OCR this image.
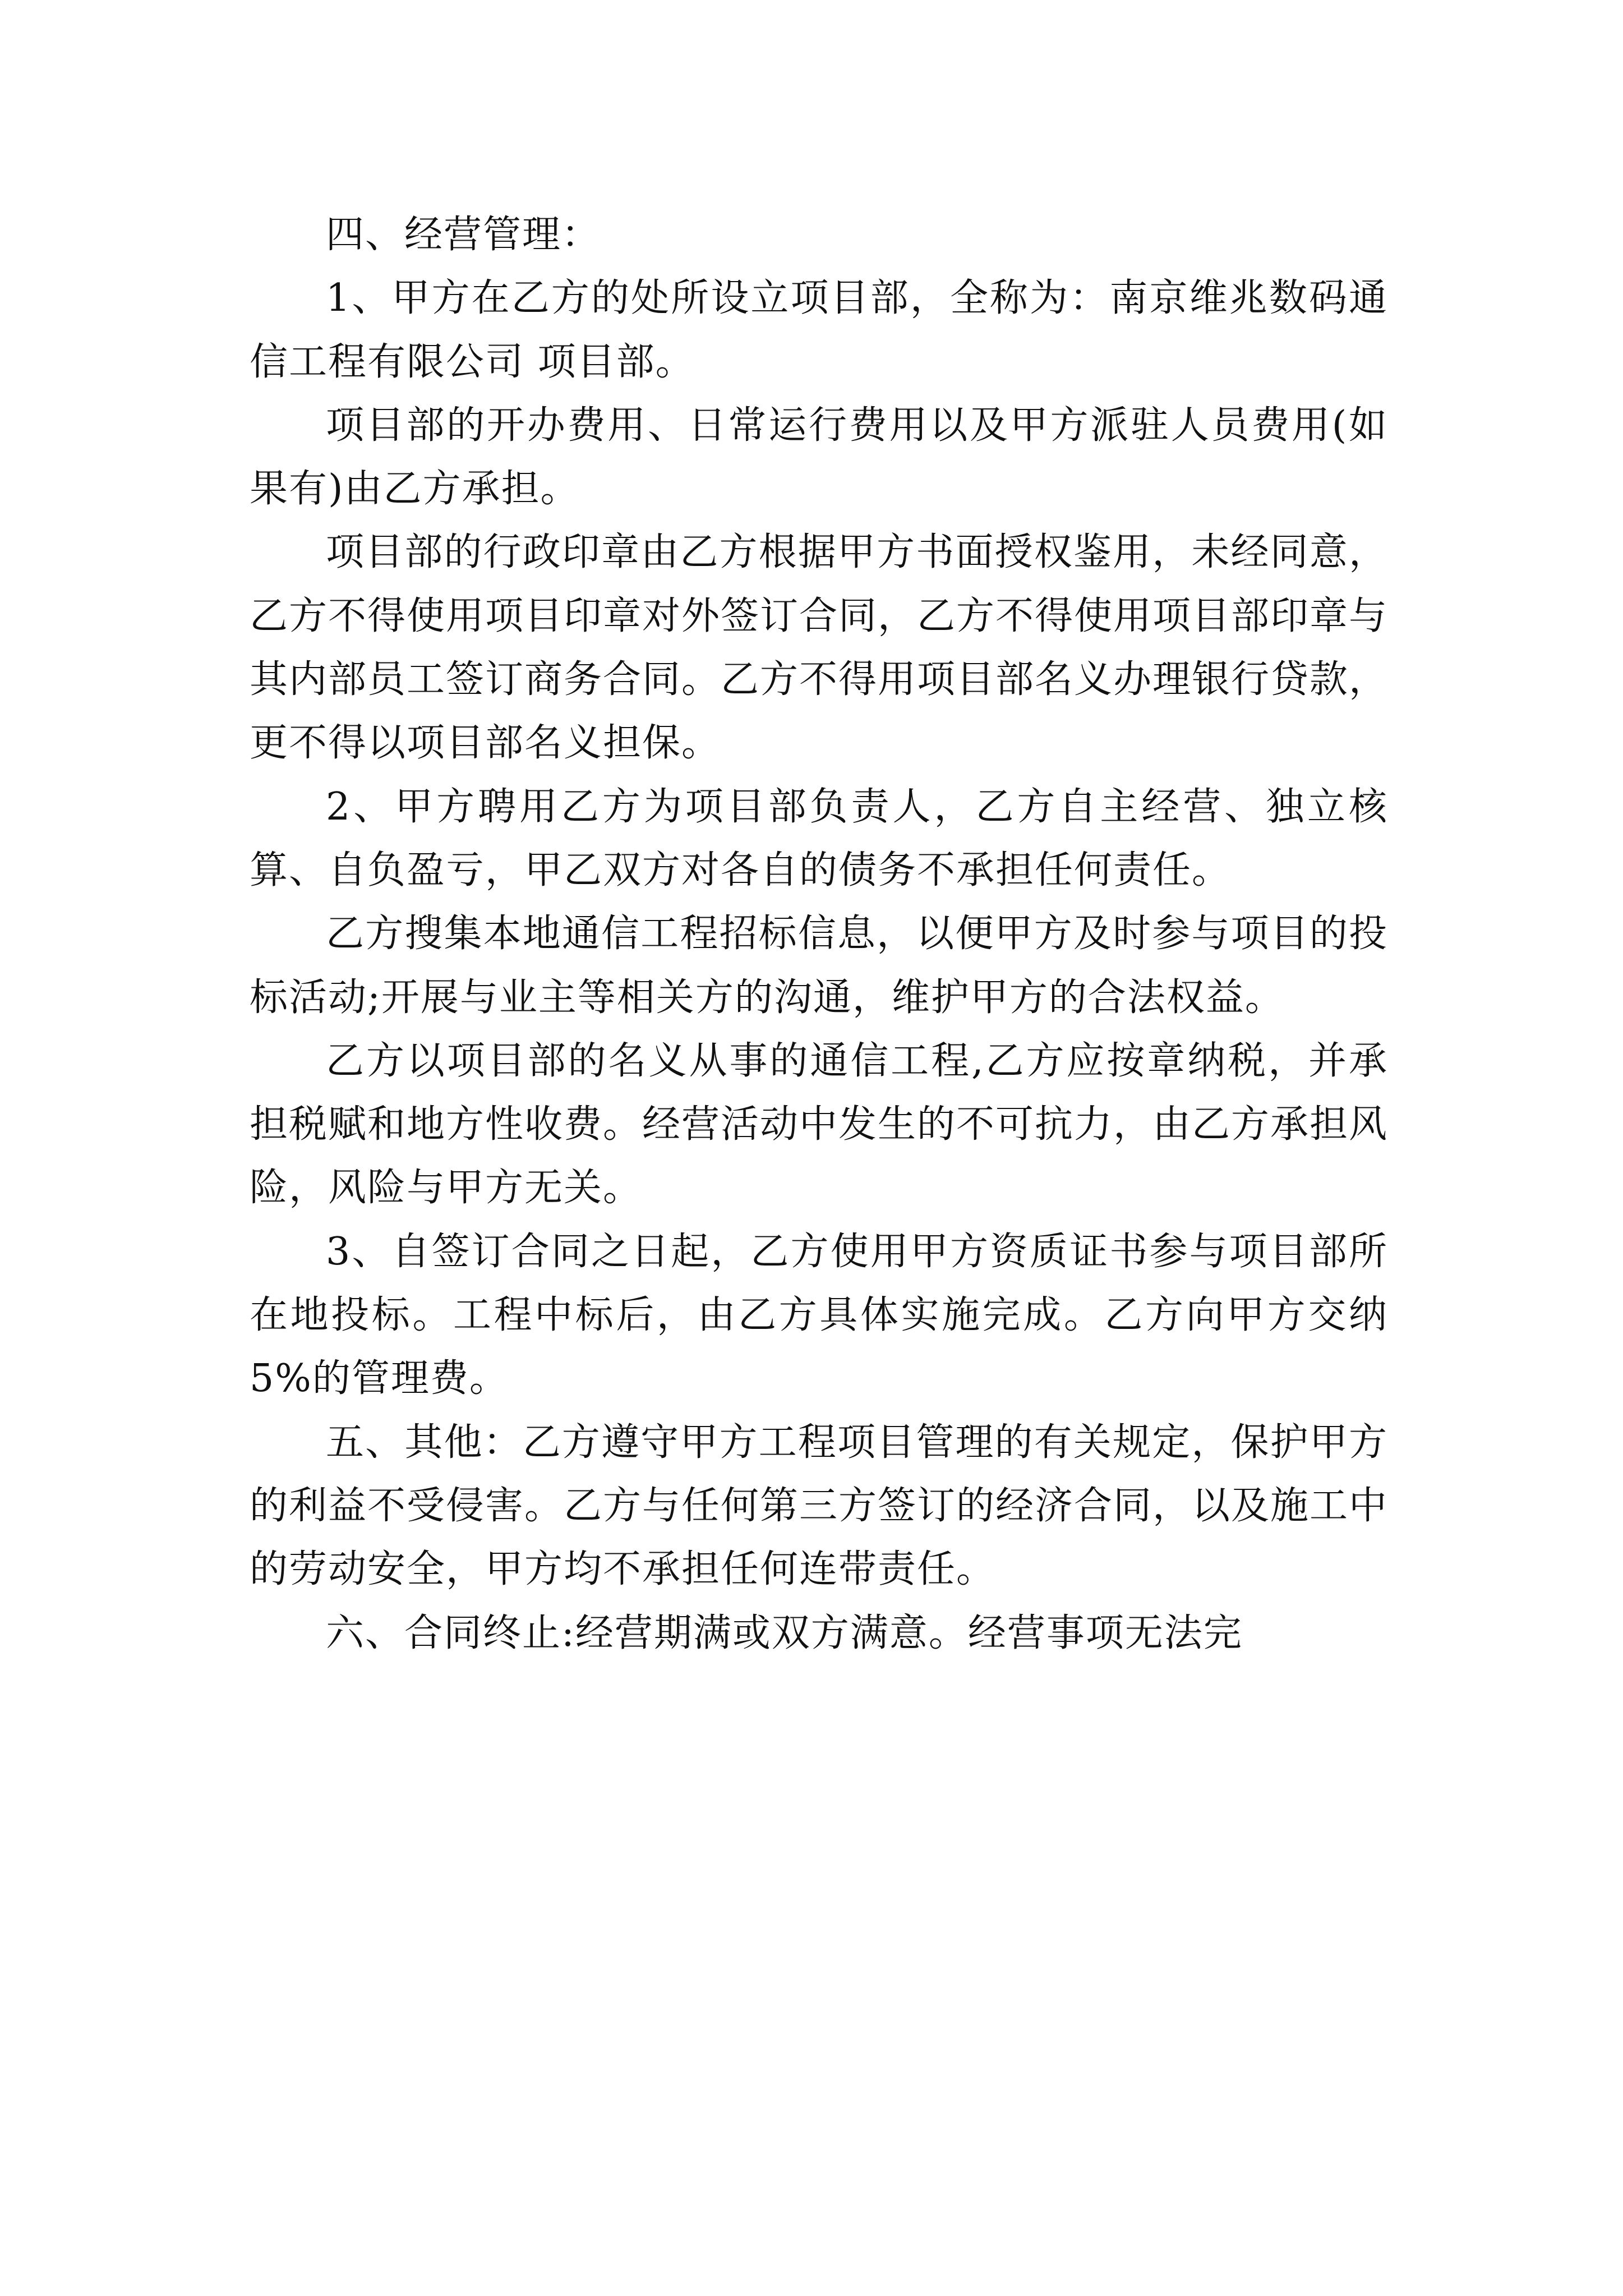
四、经营管理：

1、甲方在乙方的处所设立项目部，全称为：南京维兆数码通信工程有限公司 项目部。

项目部的开办费用、日常运行费用以及甲方派驻人员费用(如果有)由乙方承担。

项目部的行政印章由乙方根据甲方书面授权鉴用，未经同意，乙方不得使用项目印章对外签订合同，乙方不得使用项目部印章与其内部员工签订商务合同。乙方不得用项目部名义办理银行贷款，更不得以项目部名义担保。

2、甲方聘用乙方为项目部负责人，乙方自主经营、独立核算、自负盈亏，甲乙双方对各自的债务不承担任何责任。

乙方搜集本地通信工程招标信息，以便甲方及时参与项目的投标活动;开展与业主等相关方的沟通，维护甲方的合法权益。

乙方以项目部的名义从事的通信工程,乙方应按章纳税，并承担税赋和地方性收费。经营活动中发生的不可抗力，由乙方承担风险，风险与甲方无关。

3、自签订合同之日起，乙方使用甲方资质证书参与项目部所在地投标。工程中标后，由乙方具体实施完成。乙方向甲方交纳 5%的管理费。

五、其他：乙方遵守甲方工程项目管理的有关规定，保护甲方的利益不受侵害。乙方与任何第三方签订的经济合同，以及施工中的劳动安全，甲方均不承担任何连带责任。

六、合同终止:经营期满或双方满意。经营事项无法完
